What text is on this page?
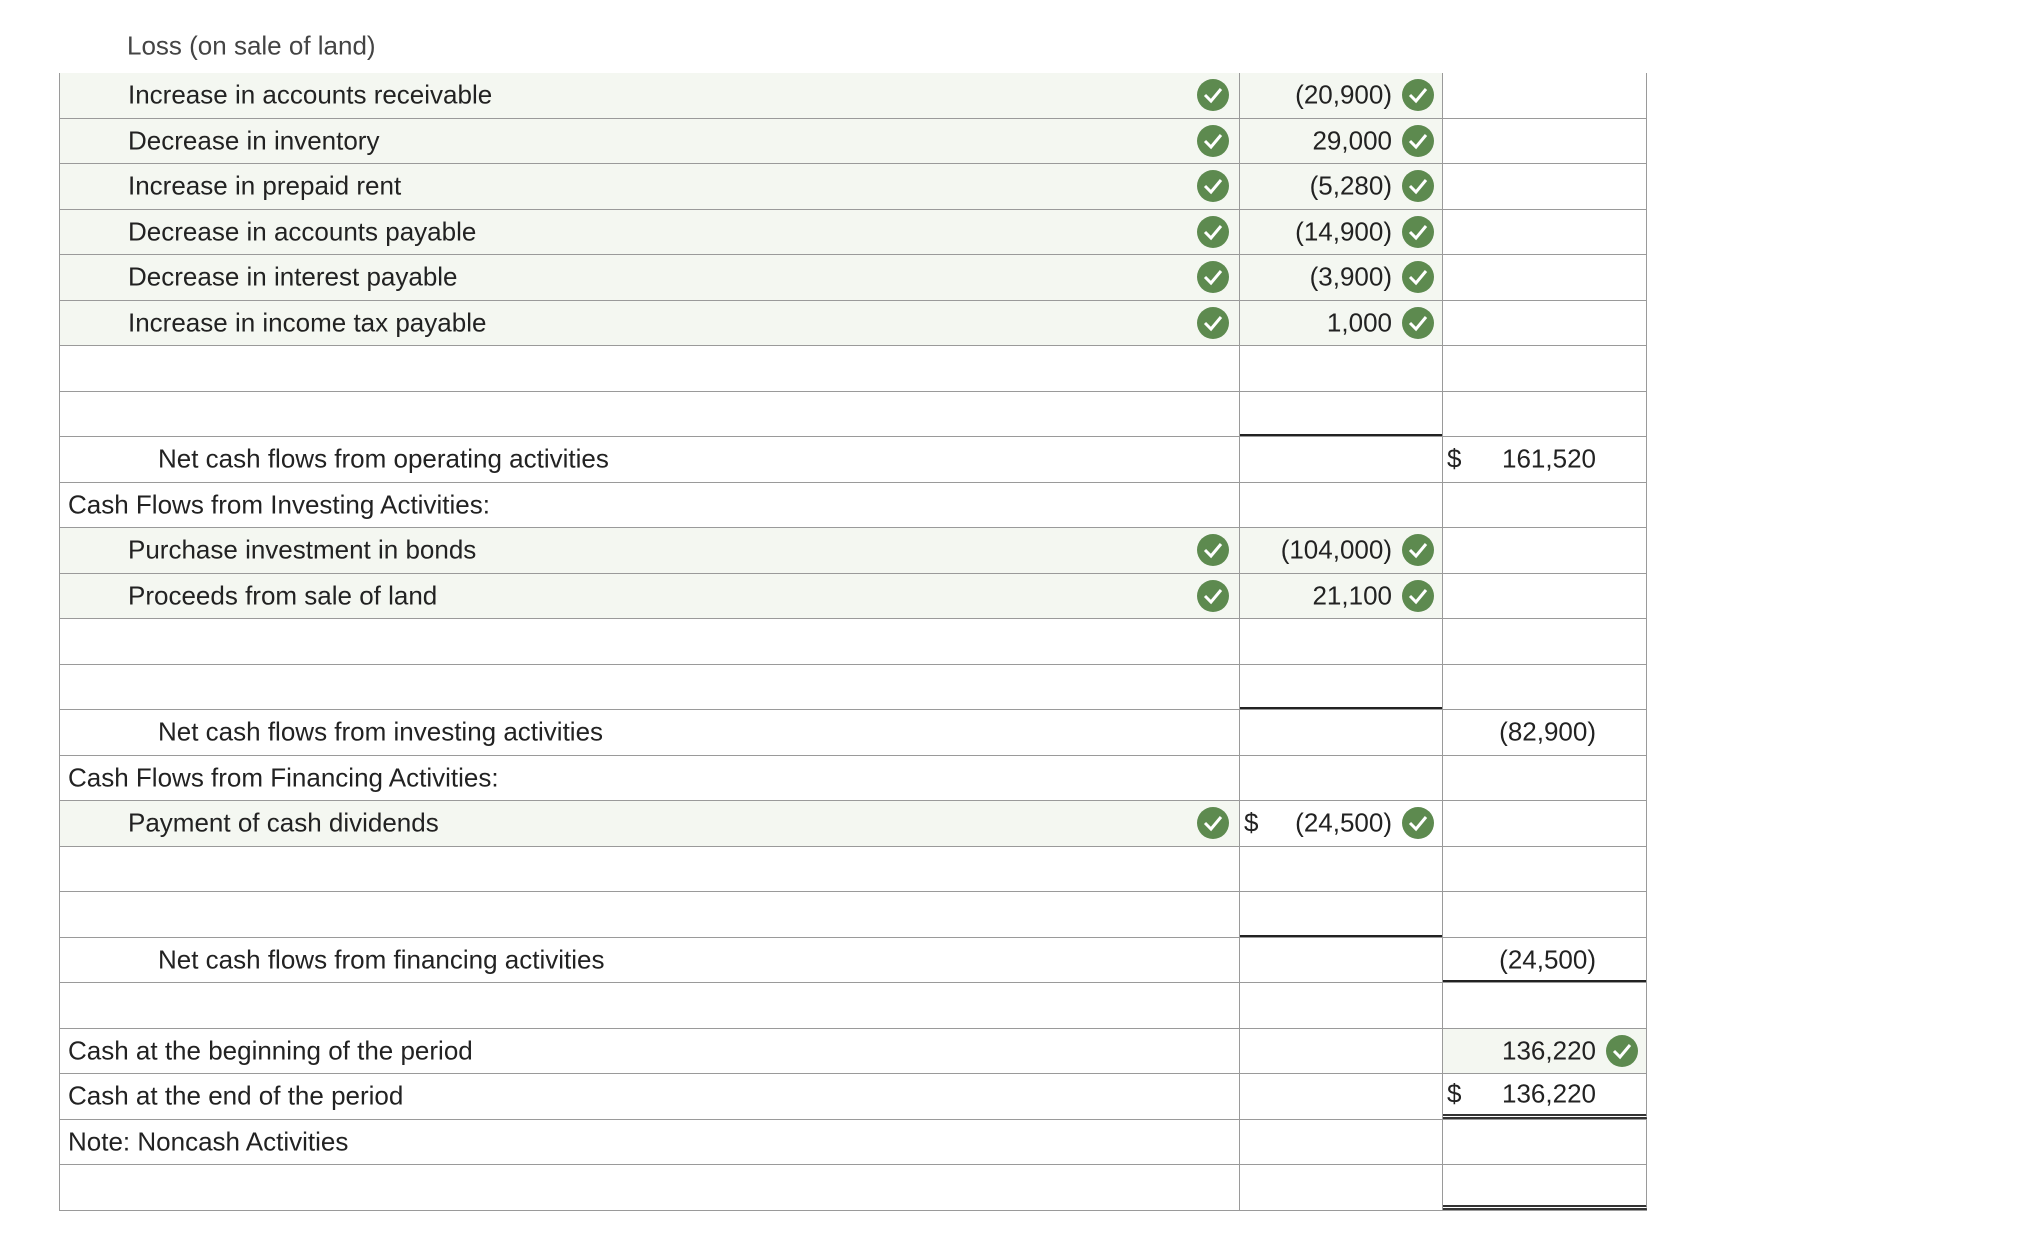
Loss (on sale of land)
Increase in accounts receivable	(20,900)
Decrease in inventory	29,000
Increase in prepaid rent	(5,280)
Decrease in accounts payable	(14,900)
Decrease in interest payable	(3,900)
Increase in income tax payable	1,000
Net cash flows from operating activities	$ 161,520
Cash Flows from Investing Activities:
Purchase investment in bonds	(104,000)
Proceeds from sale of land	21,100
Net cash flows from investing activities	(82,900)
Cash Flows from Financing Activities:
Payment of cash dividends	$ (24,500)
Net cash flows from financing activities	(24,500)
Cash at the beginning of the period	136,220
Cash at the end of the period	$ 136,220
Note: Noncash Activities
